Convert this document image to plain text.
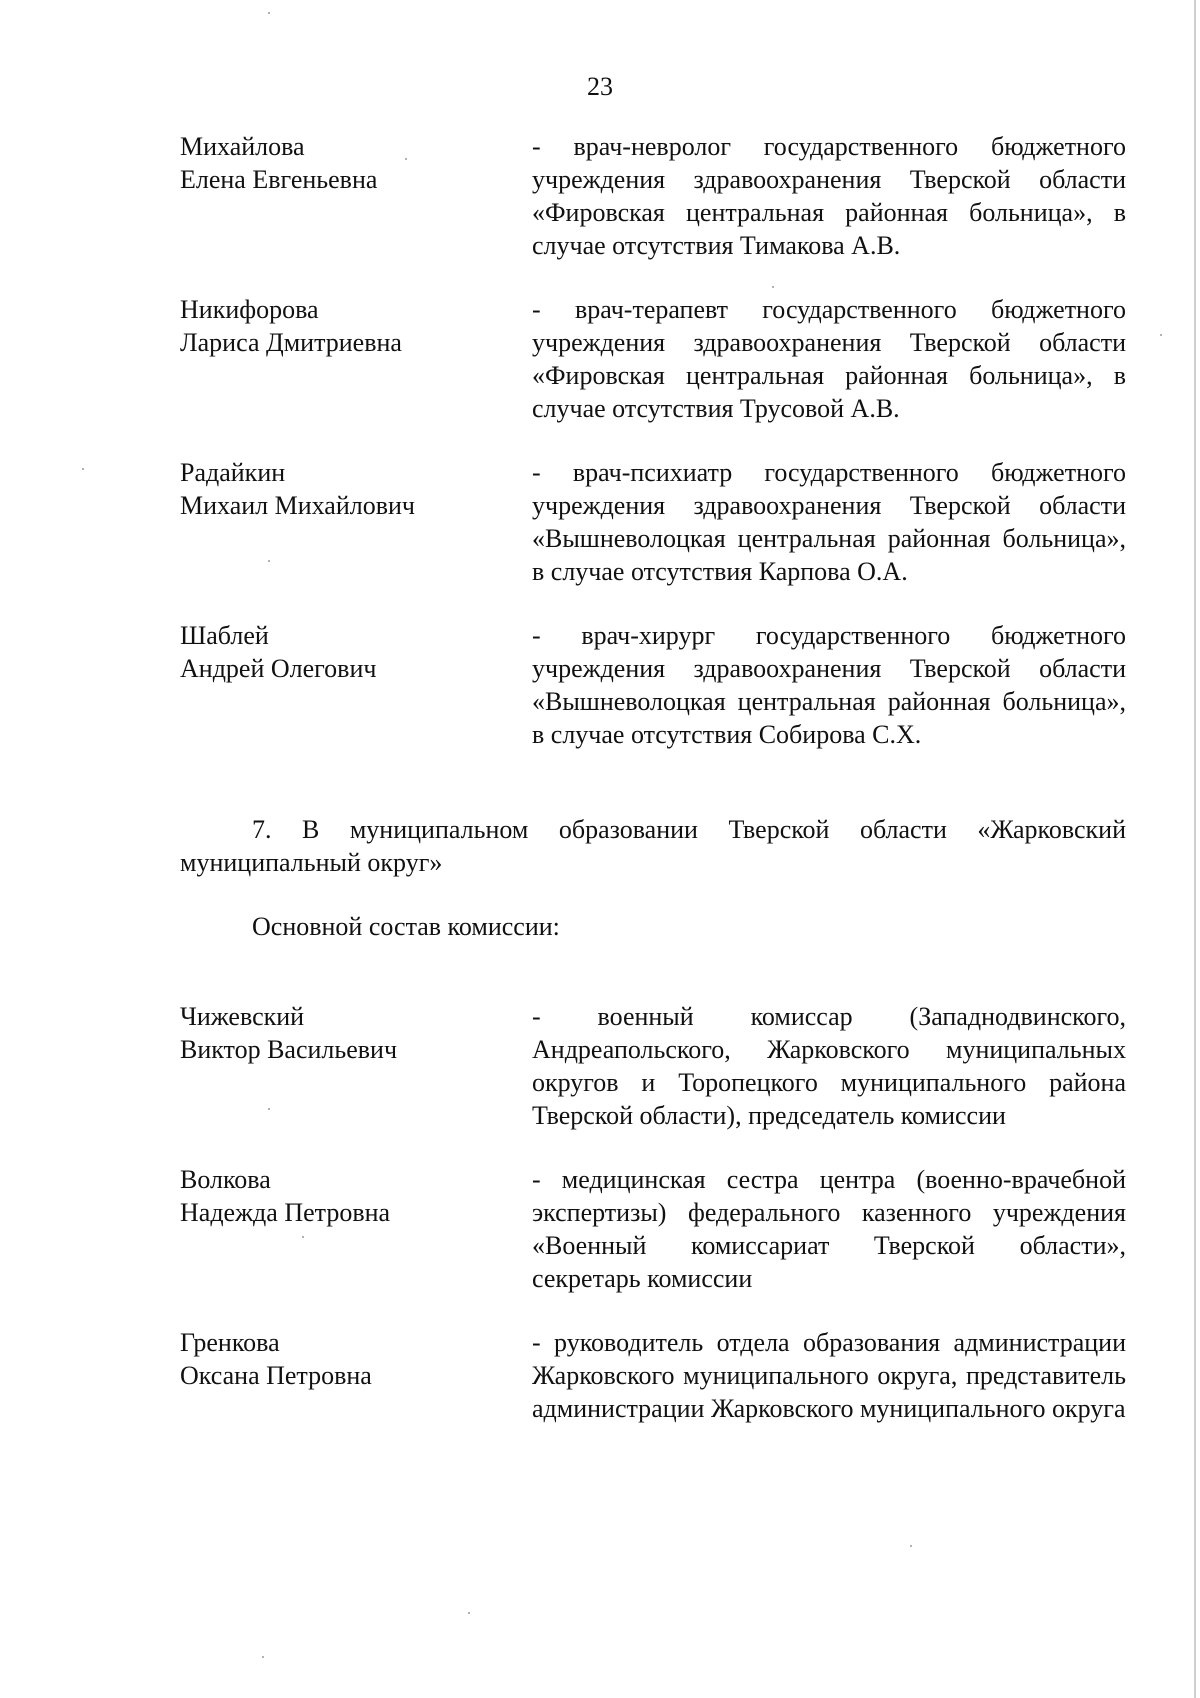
23
Михайлова
Елена Евгеньевна
- врач-невролог государственного бюджетного учреждения здравоохранения Тверской области «Фировская центральная районная больница», в случае отсутствия Тимакова А.В.
Никифорова
Лариса Дмитриевна
- врач-терапевт государственного бюджетного учреждения здравоохранения Тверской области «Фировская центральная районная больница», в случае отсутствия Трусовой А.В.
Радайкин
Михаил Михайлович
- врач-психиатр государственного бюджетного учреждения здравоохранения Тверской области «Вышневолоцкая центральная районная больница», в случае отсутствия Карпова О.А.
Шаблей
Андрей Олегович
- врач-хирург государственного бюджетного учреждения здравоохранения Тверской области «Вышневолоцкая центральная районная больница», в случае отсутствия Собирова С.Х.
7. В муниципальном образовании Тверской области «Жарковский муниципальный округ»
Основной состав комиссии:
Чижевский
Виктор Васильевич
- военный комиссар (Западнодвинского, Андреапольского, Жарковского муниципальных округов и Торопецкого муниципального района Тверской области), председатель комиссии
Волкова
Надежда Петровна
- медицинская сестра центра (военно-врачебной экспертизы) федерального казенного учреждения «Военный комиссариат Тверской области», секретарь комиссии
Гренкова
Оксана Петровна
- руководитель отдела образования администрации Жарковского муниципального округа, представитель администрации Жарковского муниципального округа
